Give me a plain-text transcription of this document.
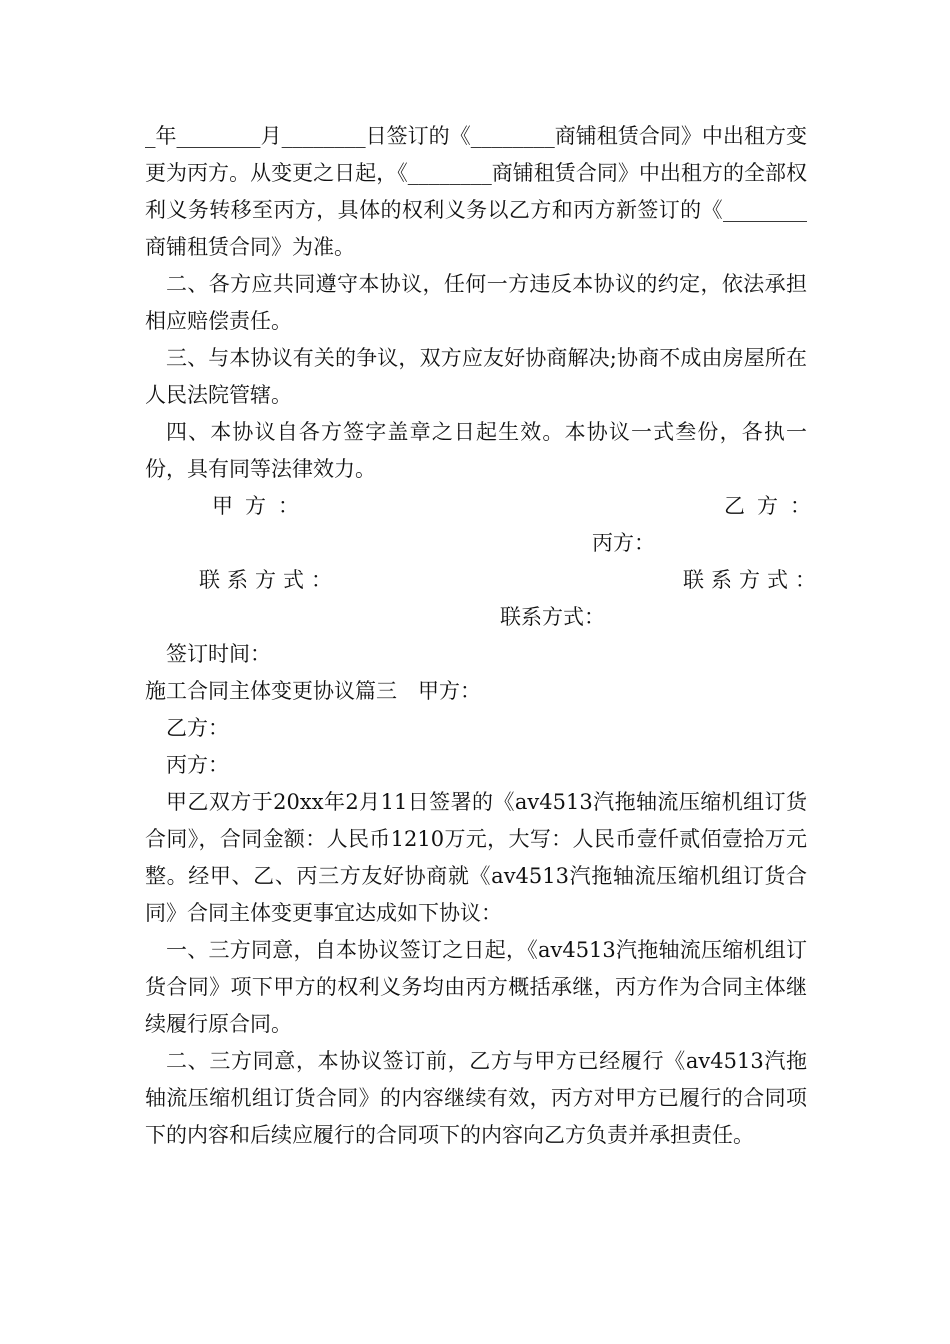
_年________月________日签订的《________商铺租赁合同》中出租方变更为丙方。从变更之日起，《________商铺租赁合同》中出租方的全部权利义务转移至丙方，具体的权利义务以乙方和丙方新签订的《________商铺租赁合同》为准。

二、各方应共同遵守本协议，任何一方违反本协议的约定，依法承担相应赔偿责任。

三、与本协议有关的争议，双方应友好协商解决;协商不成由房屋所在人民法院管辖。

四、本协议自各方签字盖章之日起生效。本协议一式叁份，各执一份，具有同等法律效力。

甲方：	乙方：
丙方：
联系方式：	联系方式：
联系方式：

签订时间：

施工合同主体变更协议篇三　甲方：

乙方：

丙方：

甲乙双方于20xx年2月11日签署的《av4513汽拖轴流压缩机组订货合同》，合同金额：人民币1210万元，大写：人民币壹仟贰佰壹拾万元整。经甲、乙、丙三方友好协商就《av4513汽拖轴流压缩机组订货合同》合同主体变更事宜达成如下协议：

一、三方同意，自本协议签订之日起，《av4513汽拖轴流压缩机组订货合同》项下甲方的权利义务均由丙方概括承继，丙方作为合同主体继续履行原合同。

二、三方同意，本协议签订前，乙方与甲方已经履行《av4513汽拖轴流压缩机组订货合同》的内容继续有效，丙方对甲方已履行的合同项下的内容和后续应履行的合同项下的内容向乙方负责并承担责任。
